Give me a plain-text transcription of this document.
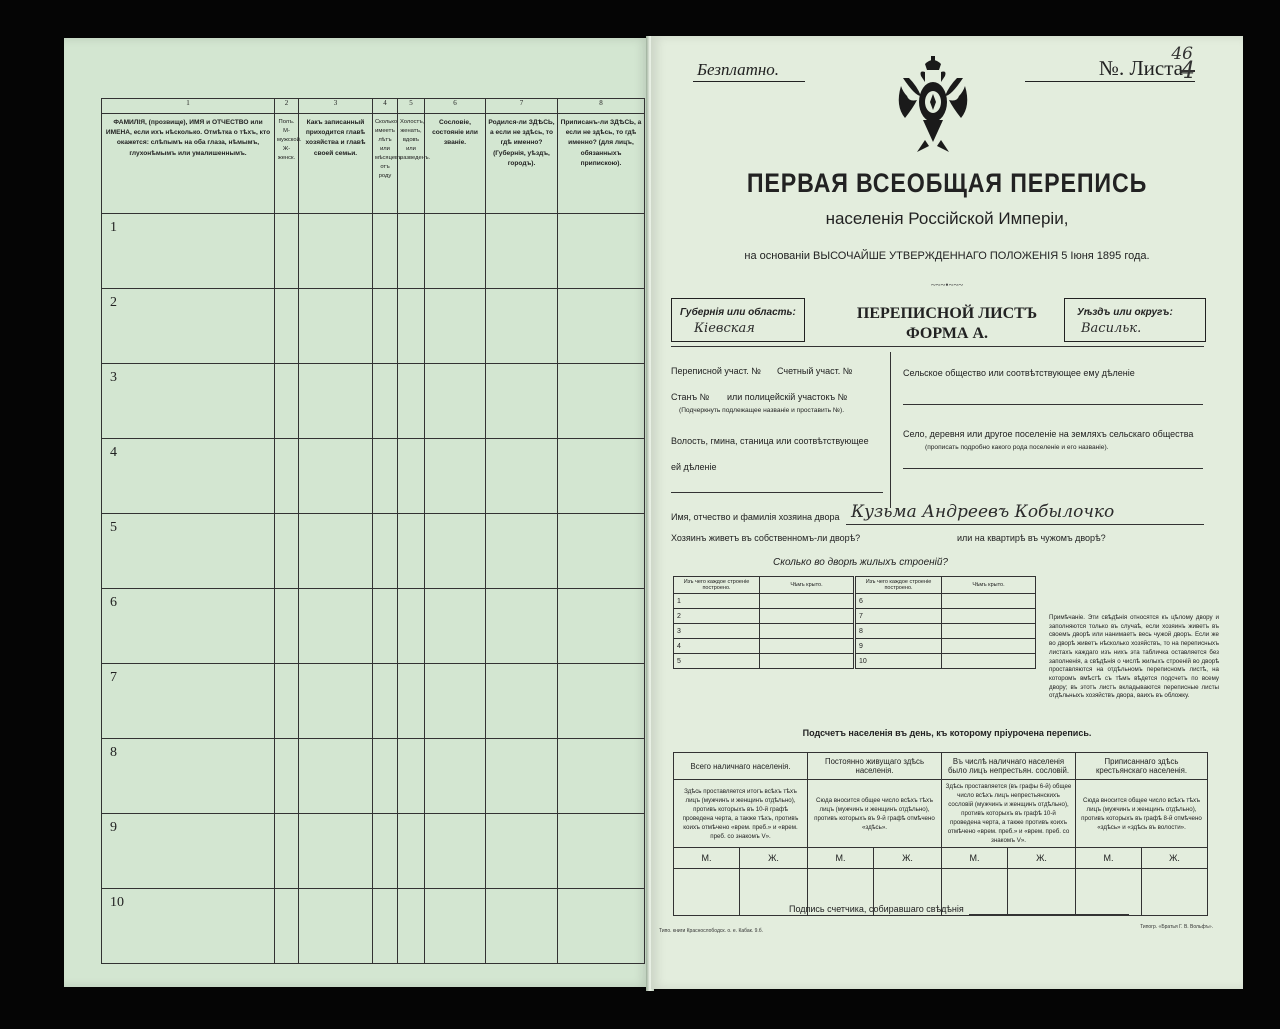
1	2	3	4	5	6	7	8
ФАМИЛІЯ, (прозвище), ИМЯ и ОТЧЕСТВО или ИМЕНА, если ихъ нѣсколько. Отмѣтка о тѣхъ, кто окажется: слѣпымъ на оба глаза, нѣмымъ, глухонѣмымъ или умалишеннымъ.	Полъ. М-мужской. Ж-женск.	Какъ записанный приходится главѣ хозяйства и главѣ своей семьи.	Сколько имеетъ лѣтъ или мѣсяцевъ отъ роду	Холостъ, женатъ, вдовъ или разведенъ.	Сословіе, состояніе или званіе.	Родился-ли ЗДѢСЬ, а если не здѣсь, то гдѣ именно? (Губернія, уѣздъ, городъ).	Приписанъ-ли ЗДѢСЬ, а если не здѣсь, то гдѣ именно? (для лицъ, обязанныхъ припискою).
1							
2							
3							
4							
5							
6							
7							
8							
9							
10							
Безплатно.
46
№. Листа
4
ПЕРВАЯ ВСЕОБЩАЯ ПЕРЕПИСЬ
населенія Россійской Имперіи,
на основаніи ВЫСОЧАЙШЕ УТВЕРЖДЕННАГО ПОЛОЖЕНІЯ 5 Іюня 1895 года.
~~~•~~~
Губернія или область:
Кіевская
ПЕРЕПИСНОЙ ЛИСТЪ
ФОРМА А.
Уѣздъ или округъ:
Васильк.
Переписной участ. № Счетный участ. №
Станъ № или полицейскій участокъ №
(Подчеркнуть подлежащее названіе и проставить №).
Волость, гмина, станица или соотвѣтствующее
ей дѣленіе
Сельское общество или соотвѣтствующее ему дѣленіе
Село, деревня или другое поселеніе на земляхъ сельскаго общества
(прописать подробно какого рода поселеніе и его названіе).
Имя, отчество и фамилія хозяина двора Кузьма Андреевъ Кобылочко
Хозяинъ живетъ въ собственномъ-ли дворѣ?	или на квартирѣ въ чужомъ дворѣ?
Сколько во дворѣ жилыхъ строеній?
Изъ чего каждое строеніе построено.	Чѣмъ крыто.
1	
2	
3	
4	
5	
Изъ чего каждое строеніе построено.	Чѣмъ крыто.
6	
7	
8	
9	
10	
Примѣчаніе. Эти свѣдѣнія относятся къ цѣлому двору и заполняются только въ случаѣ, если хозяинъ живетъ въ своемъ дворѣ или нанимаетъ весь чужой дворъ. Если же во дворѣ живетъ нѣсколько хозяйствъ, то на переписныхъ листахъ каждаго изъ нихъ эта табличка оставляется без заполненія, а свѣдѣнія о числѣ жилыхъ строеній во дворѣ проставляются на отдѣльномъ переписномъ листѣ, на которомъ вмѣстѣ съ тѣмъ вѣдется подсчетъ по всему двору; въ этотъ листъ вкладываются переписные листы отдѣльныхъ хозяйствъ двора, ваихъ въ обложку.
Подсчетъ населенія въ день, къ которому пріурочена перепись.
Всего наличнаго населенія.		Постоянно живущаго здѣсь населенія.		Въ числѣ наличнаго населенія было лицъ непрестьян. сословій.		Приписаннаго здѣсь крестьянскаго населенія.	
Здѣсь проставляется итогъ всѣхъ тѣхъ лицъ (мужчинъ и женщинъ отдѣльно), противъ которыхъ въ 10-й графѣ проведена черта, а также тѣхъ, противъ коихъ отмѣчено «врем. преб.» и «врем. преб. со знакомъ V».		Сюда вносится общее число всѣхъ тѣхъ лицъ (мужчинъ и женщинъ отдѣльно), противъ которыхъ въ 9-й графѣ отмѣчено «здѣсь».		Здѣсь проставляется (въ графы 6-й) общее число всѣхъ лицъ непрестьянскихъ сословій (мужчинъ и женщинъ отдѣльно), противъ которыхъ въ графѣ 10-й проведена черта, а также противъ коихъ отмѣчено «врем. преб.» и «врем. преб. со знакомъ V».		Сюда вносится общее число всѣхъ тѣхъ лицъ (мужчинъ и женщинъ отдѣльно), противъ которыхъ въ графѣ 8-й отмѣчено «здѣсь» и «здѣсь въ волости».	
М.	Ж.	М.	Ж.	М.	Ж.	М.	Ж.

Подпись счетчика, собиравшаго свѣдѣнія
Типо. книги Краснослободск. о. е. Кабак. 9.б.
Типогр. «Братья Г. В. Вольфъ».
